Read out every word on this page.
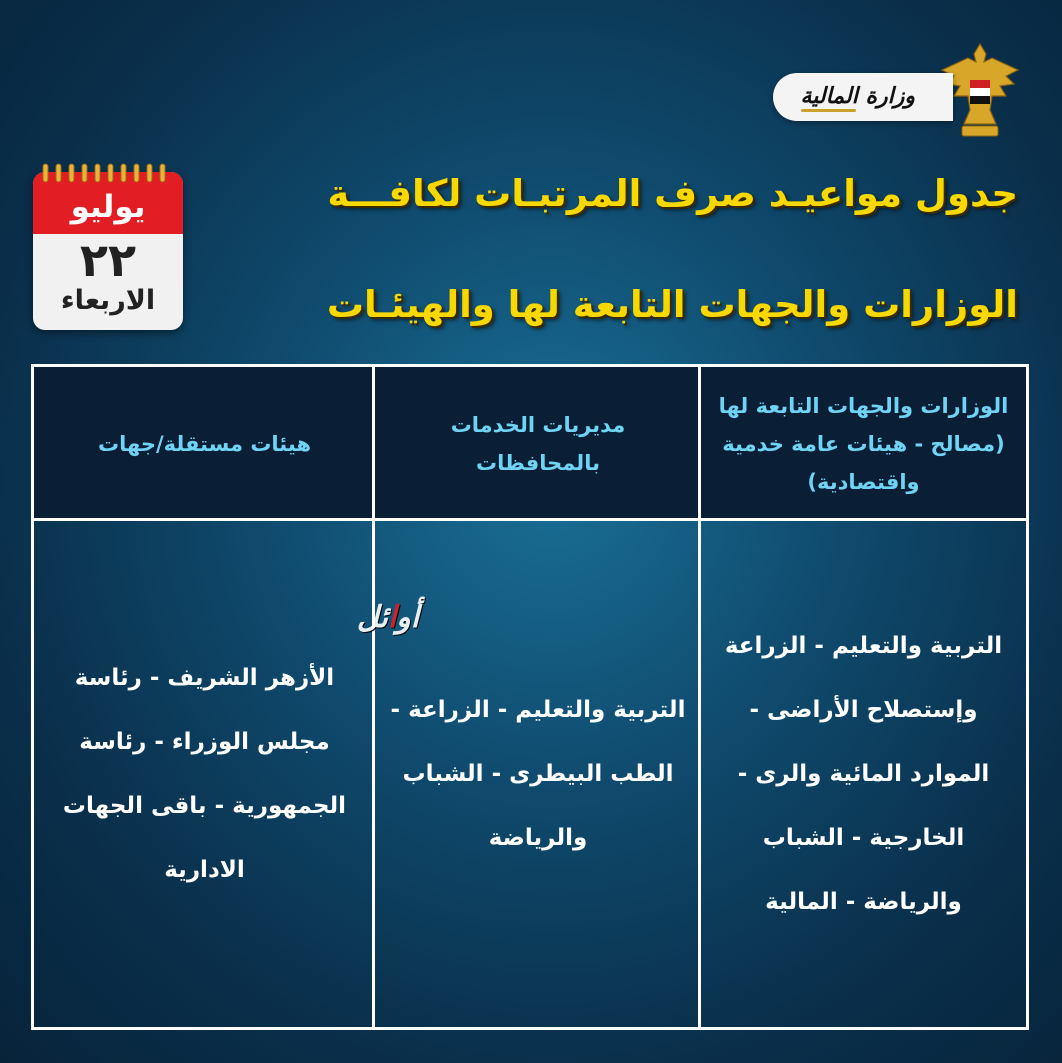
وزارة المالية
يوليو
٢٢
الاربعاء
جدول مواعيـد صرف المرتبـات لكافـــة
الوزارات والجهات التابعة لها والهيئـات
الوزارات والجهات التابعة لها (مصالح - هيئات عامة خدمية واقتصادية)
مديريات الخدمات بالمحافظات
هيئات مستقلة/جهات
التربية والتعليم - الزراعة وإستصلاح الأراضى - الموارد المائية والرى - الخارجية - الشباب والرياضة - المالية
التربية والتعليم - الزراعة - الطب البيطرى - الشباب والرياضة
الأزهر الشريف - رئاسة مجلس الوزراء - رئاسة الجمهورية - باقى الجهات الادارية
أوائل
